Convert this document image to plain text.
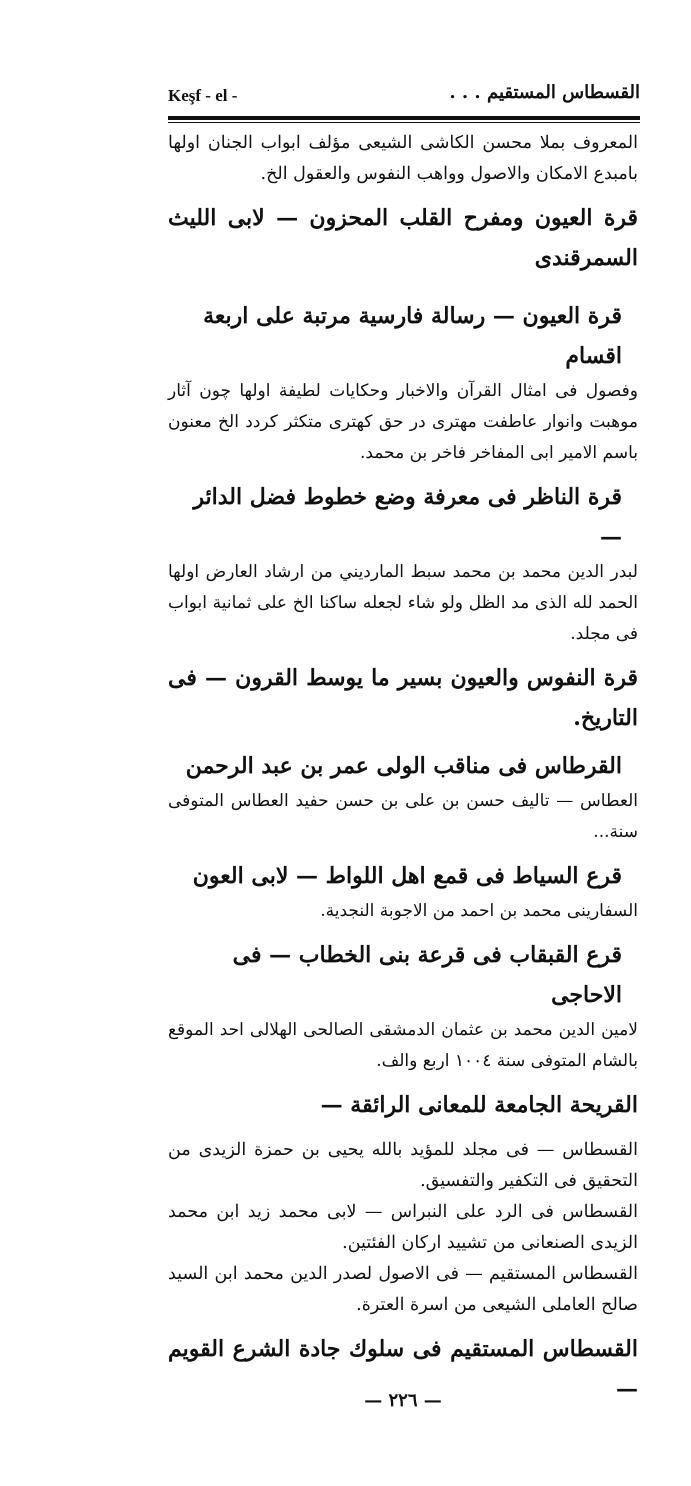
Keşf - el -	القسطاس المستقيم . . .

المعروف بملا محسن الكاشى الشيعى مؤلف ابواب الجنان اولها بامبدع الامكان والاصول وواهب النفوس والعقول الخ.

قرة العيون ومفرح القلب المحزون — لابى الليث السمرقندى

قرة العيون — رسالة فارسية مرتبة على اربعة اقسام
وفصول فى امثال القرآن والاخبار وحكايات لطيفة اولها چون آثار موهبت وانوار عاطفت مهترى در حق كهترى متكثر كردد الخ معنون باسم الامير ابى المفاخر فاخر بن محمد.

قرة الناظر فى معرفة وضع خطوط فضل الدائر —
لبدر الدين محمد بن محمد سبط المارديني من ارشاد العارض اولها الحمد لله الذى مد الظل ولو شاء لجعله ساكنا الخ على ثمانية ابواب فى مجلد.

قرة النفوس والعيون بسير ما يوسط القرون — فى التاريخ.

القرطاس فى مناقب الولى عمر بن عبد الرحمن
العطاس — تاليف حسن بن على بن حسن حفيد العطاس المتوفى سنة...

قرع السياط فى قمع اهل اللواط — لابى العون
السفارينى محمد بن احمد من الاجوبة النجدية.

قرع القبقاب فى قرعة بنى الخطاب — فى الاحاجى
لامين الدين محمد بن عثمان الدمشقى الصالحى الهلالى احد الموقع بالشام المتوفى سنة ١٠٠٤ اربع والف.

القريحة الجامعة للمعانى الرائقة —

القسطاس — فى مجلد للمؤيد بالله يحيى بن حمزة الزيدى من التحقيق فى التكفير والتفسيق.

القسطاس فى الرد على النبراس — لابى محمد زيد ابن محمد الزيدى الصنعانى من تشييد اركان الفئتين.

القسطاس المستقيم — فى الاصول لصدر الدين محمد ابن السيد صالح العاملى الشيعى من اسرة العترة.

القسطاس المستقيم فى سلوك جادة الشرع القويم —

— ٢٢٦ —
